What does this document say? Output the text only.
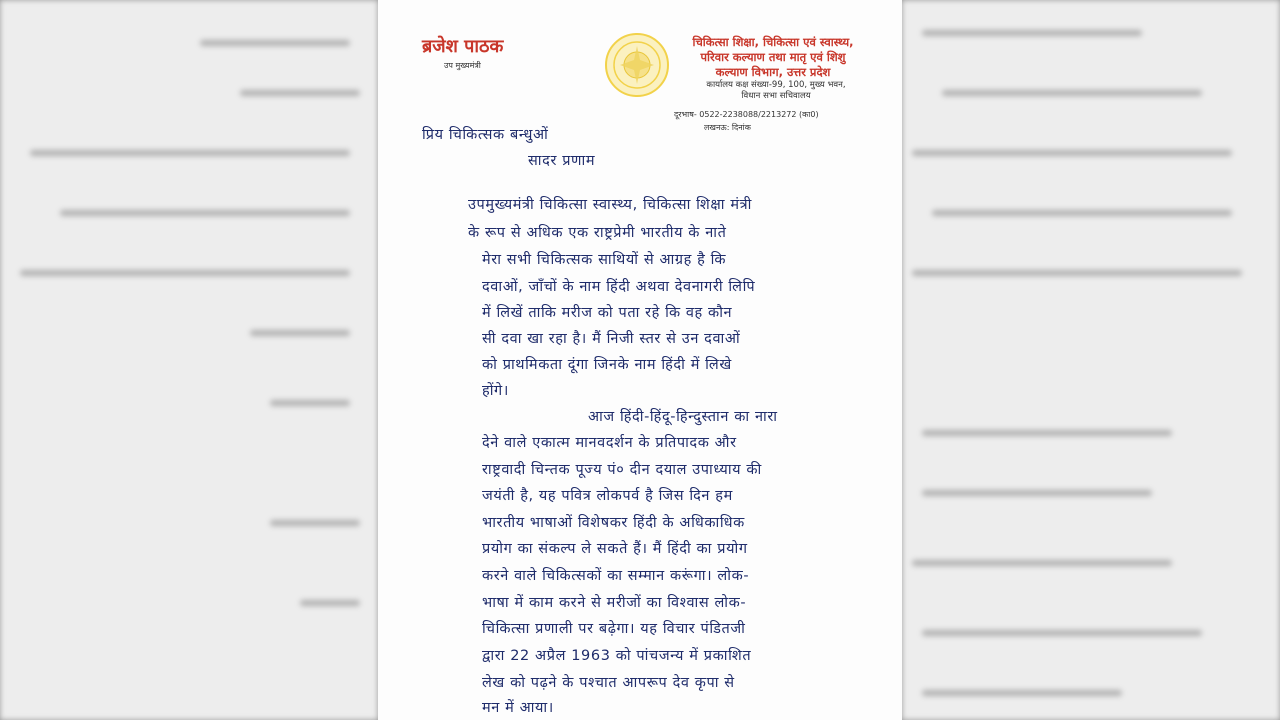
ब्रजेश पाठक
उप मुख्यमंत्री
चिकित्सा शिक्षा, चिकित्सा एवं स्वास्थ्य,
परिवार कल्याण तथा मातृ एवं शिशु
कल्याण विभाग, उत्तर प्रदेश
कार्यालय कक्ष संख्या-99, 100, मुख्य भवन,
विधान सभा सचिवालय
दूरभाष- 0522-2238088/2213272 (का0)
लखनऊ: दिनांक
प्रिय चिकित्सक बन्धुओं
सादर प्रणाम
उपमुख्यमंत्री चिकित्सा स्वास्थ्य, चिकित्सा शिक्षा मंत्री
के रूप से अधिक एक राष्ट्रप्रेमी भारतीय के नाते
मेरा सभी चिकित्सक साथियों से आग्रह है कि
दवाओं, जाँचों के नाम हिंदी अथवा देवनागरी लिपि
में लिखें ताकि मरीज को पता रहे कि वह कौन
सी दवा खा रहा है। मैं निजी स्तर से उन दवाओं
को प्राथमिकता दूंगा जिनके नाम हिंदी में लिखे
होंगे।
आज हिंदी-हिंदू-हिन्दुस्तान का नारा
देने वाले एकात्म मानवदर्शन के प्रतिपादक और
राष्ट्रवादी चिन्तक पूज्य पं० दीन दयाल उपाध्याय की
जयंती है, यह पवित्र लोकपर्व है जिस दिन हम
भारतीय भाषाओं विशेषकर हिंदी के अधिकाधिक
प्रयोग का संकल्प ले सकते हैं। मैं हिंदी का प्रयोग
करने वाले चिकित्सकों का सम्मान करूंगा। लोक-
भाषा में काम करने से मरीजों का विश्वास लोक-
चिकित्सा प्रणाली पर बढ़ेगा। यह विचार पंडितजी
द्वारा 22 अप्रैल 1963 को पांचजन्य में प्रकाशित
लेख को पढ़ने के पश्चात आपरूप देव कृपा से
मन में आया।
